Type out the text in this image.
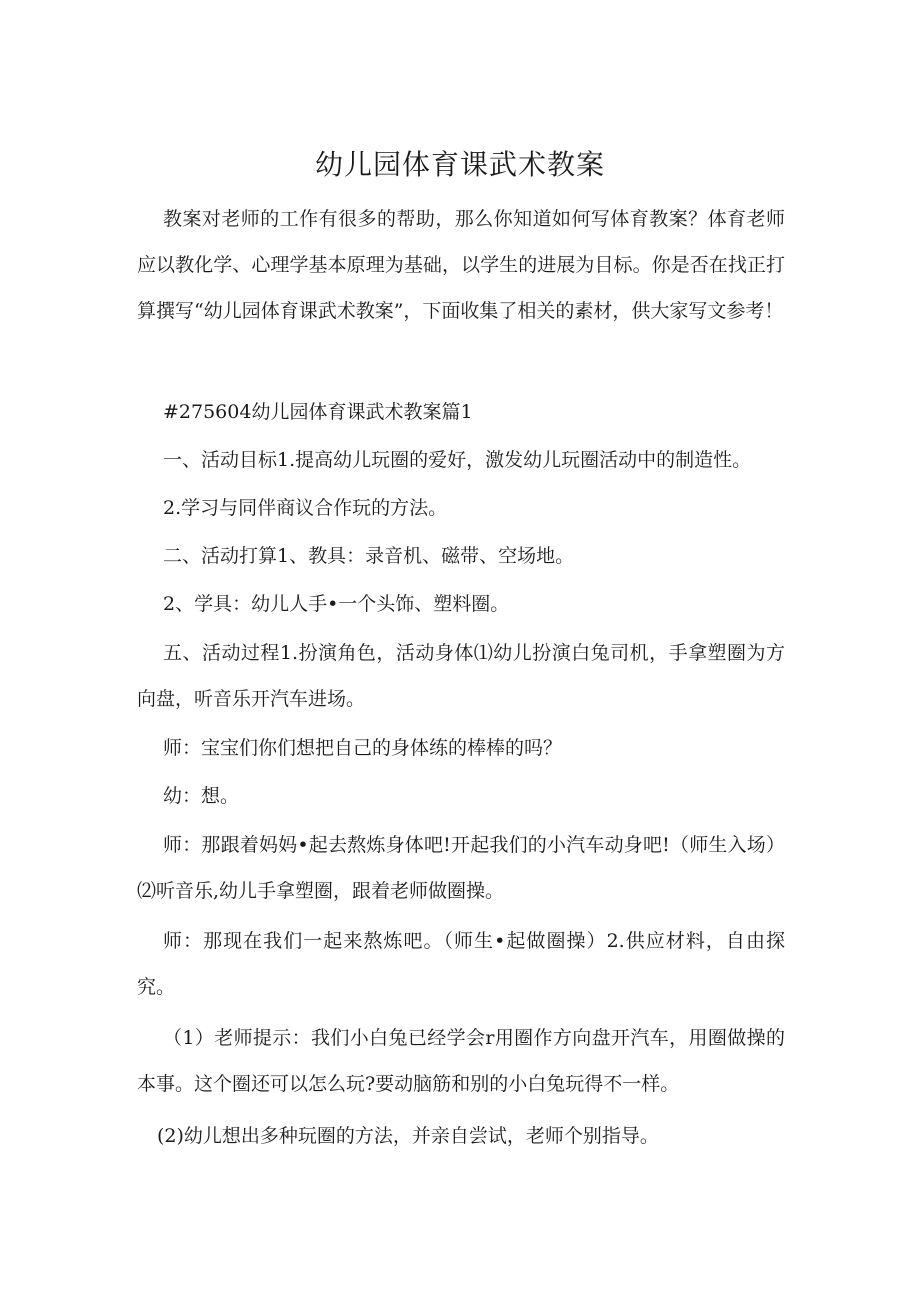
幼儿园体育课武术教案

教案对老师的工作有很多的帮助，那么你知道如何写体育教案？体育老师应以教化学、心理学基本原理为基础，以学生的进展为目标。你是否在找正打算撰写“幼儿园体育课武术教案”，下面收集了相关的素材，供大家写文参考！

#275604幼儿园体育课武术教案篇1

一、活动目标1.提高幼儿玩圈的爱好，激发幼儿玩圈活动中的制造性。

2.学习与同伴商议合作玩的方法。

二、活动打算1、教具：录音机、磁带、空场地。

2、学具：幼儿人手•一个头饰、塑料圈。

五、活动过程1.扮演角色，活动身体⑴幼儿扮演白兔司机，手拿塑圈为方向盘，听音乐开汽车进场。

师：宝宝们你们想把自己的身体练的棒棒的吗？

幼：想。

师：那跟着妈妈•起去熬炼身体吧!开起我们的小汽车动身吧!（师生入场）⑵听音乐,幼儿手拿塑圈，跟着老师做圈操。

师：那现在我们一起来熬炼吧。（师生•起做圈操）2.供应材料，自由探究。

（1）老师提示：我们小白兔已经学会r用圈作方向盘开汽车，用圈做操的本事。这个圈还可以怎么玩?要动脑筋和别的小白兔玩得不一样。

(2)幼儿想出多种玩圈的方法，并亲自尝试，老师个别指导。
